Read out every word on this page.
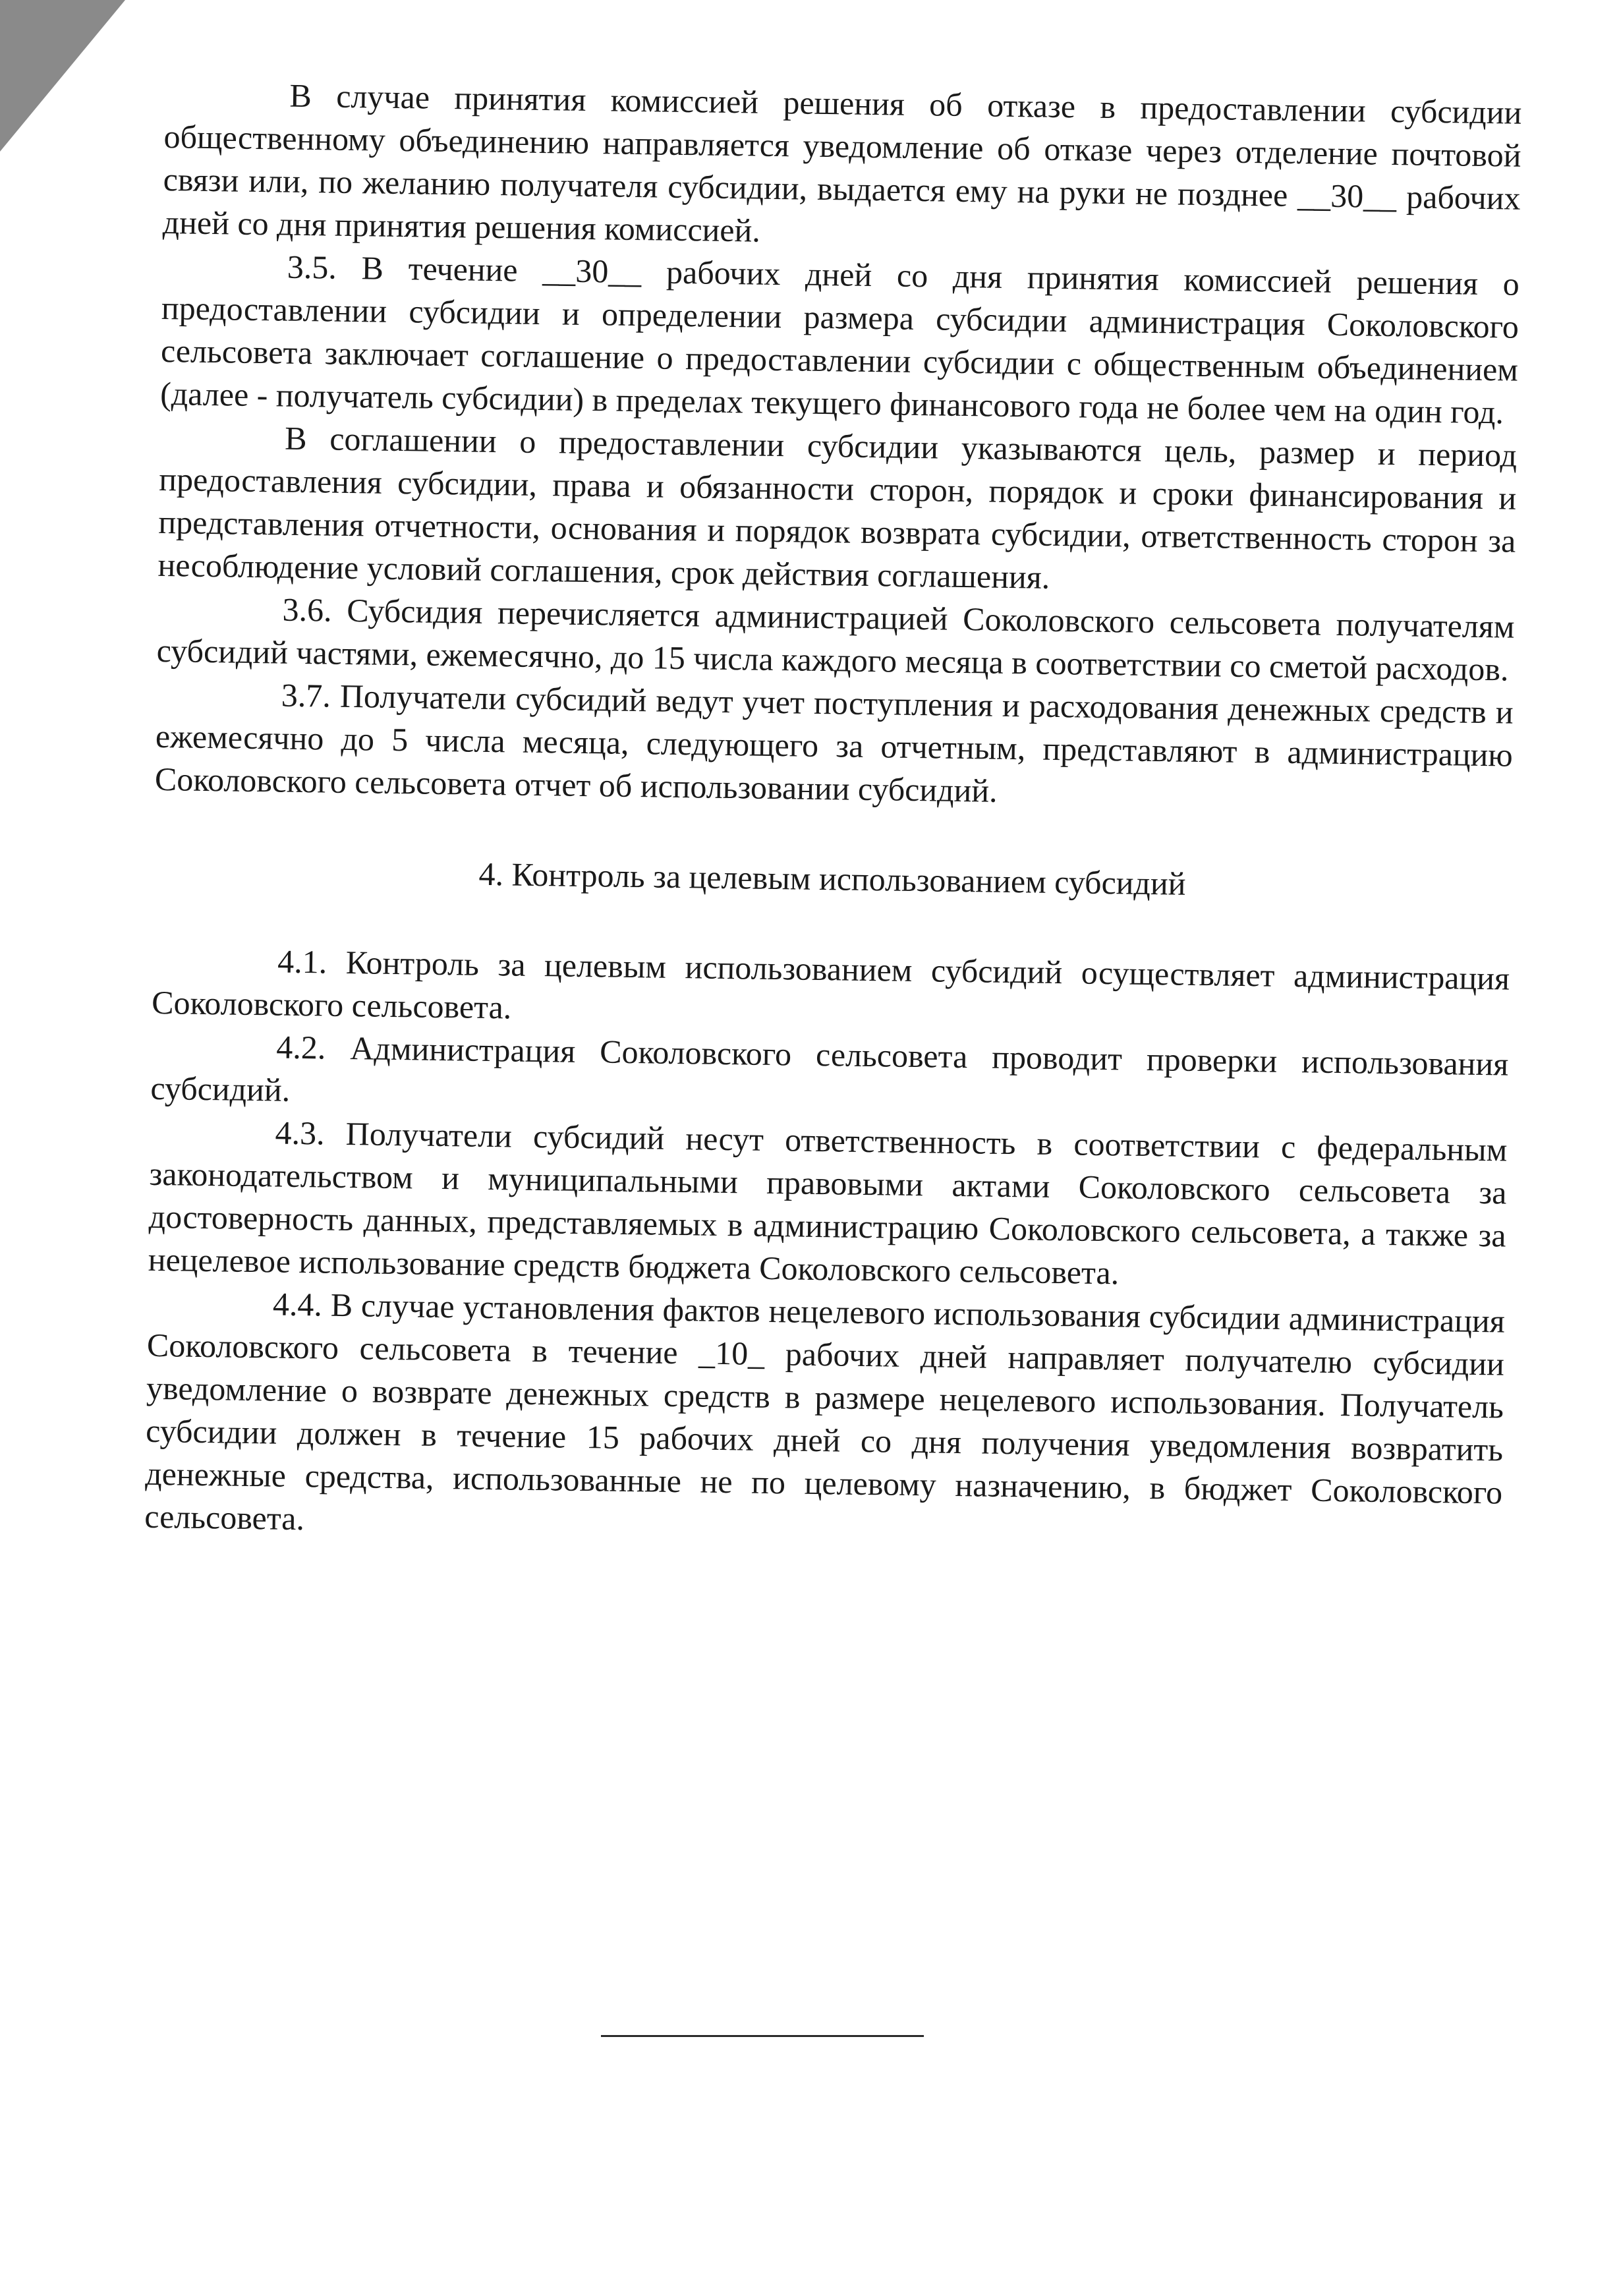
В случае принятия комиссией решения об отказе в предоставлении субсидии общественному объединению направляется уведомление об отказе через отделение почтовой связи или, по желанию получателя субсидии, выдается ему на руки не позднее __30__ рабочих дней со дня принятия решения комиссией.

3.5. В течение __30__ рабочих дней со дня принятия комиссией решения о предоставлении субсидии и определении размера субсидии администрация Соколовского сельсовета заключает соглашение о предоставлении субсидии с общественным объединением (далее - получатель субсидии) в пределах текущего финансового года не более чем на один год.

В соглашении о предоставлении субсидии указываются цель, размер и период предоставления субсидии, права и обязанности сторон, порядок и сроки финансирования и представления отчетности, основания и порядок возврата субсидии, ответственность сторон за несоблюдение условий соглашения, срок действия соглашения.

3.6. Субсидия перечисляется администрацией Соколовского сельсовета получателям субсидий частями, ежемесячно, до 15 числа каждого месяца в соответствии со сметой расходов.

3.7. Получатели субсидий ведут учет поступления и расходования денежных средств и ежемесячно до 5 числа месяца, следующего за отчетным, представляют в администрацию Соколовского сельсовета отчет об использовании субсидий.

4. Контроль за целевым использованием субсидий

4.1. Контроль за целевым использованием субсидий осуществляет администрация Соколовского сельсовета.

4.2. Администрация Соколовского сельсовета проводит проверки использования субсидий.

4.3. Получатели субсидий несут ответственность в соответствии с федеральным законодательством и муниципальными правовыми актами Соколовского сельсовета за достоверность данных, представляемых в администрацию Соколовского сельсовета, а также за нецелевое использование средств бюджета Соколовского сельсовета.

4.4. В случае установления фактов нецелевого использования субсидии администрация Соколовского сельсовета в течение _10_ рабочих дней направляет получателю субсидии уведомление о возврате денежных средств в размере нецелевого использования. Получатель субсидии должен в течение 15 рабочих дней со дня получения уведомления возвратить денежные средства, использованные не по целевому назначению, в бюджет Соколовского сельсовета.
